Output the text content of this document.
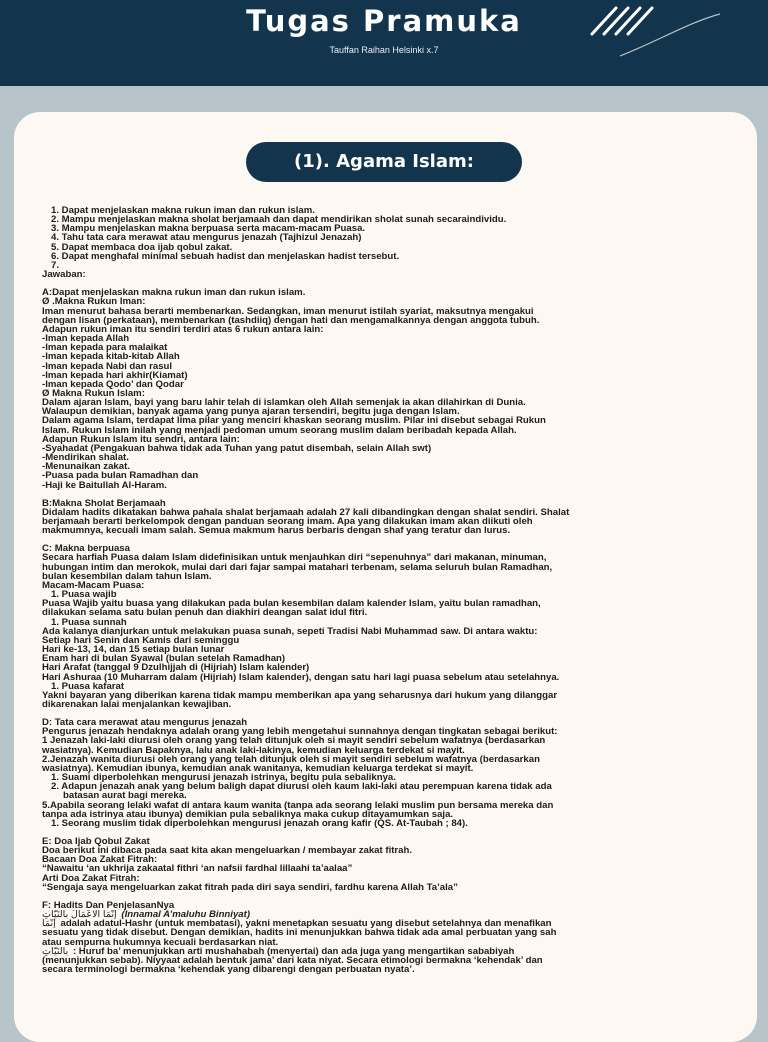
Tugas Pramuka
Tauffan Raihan Helsinki x.7
(1). Agama Islam:
1. Dapat menjelaskan makna rukun iman dan rukun islam.
2. Mampu menjelaskan makna sholat berjamaah dan dapat mendirikan sholat sunah secaraindividu.
3. Mampu menjelaskan makna berpuasa serta macam-macam Puasa.
4. Tahu tata cara merawat atau mengurus jenazah (Tajhizul Jenazah)
5. Dapat membaca doa ijab qobul zakat.
6. Dapat menghafal minimal sebuah hadist dan menjelaskan hadist tersebut.
7.
Jawaban:
A:Dapat menjelaskan makna rukun iman dan rukun islam.
Ø .Makna Rukun Iman:
Iman menurut bahasa berarti membenarkan. Sedangkan, iman menurut istilah syariat, maksutnya mengakui
dengan lisan (perkataan), membenarkan (tashdiiq) dengan hati dan mengamalkannya dengan anggota tubuh.
Adapun rukun iman itu sendiri terdiri atas 6 rukun antara lain:
-Iman kepada Allah
-Iman kepada para malaikat
-Iman kepada kitab-kitab Allah
-Iman kepada Nabi dan rasul
-Iman kepada hari akhir(Kiamat)
-Iman kepada Qodo’ dan Qodar
Ø Makna Rukun Islam:
Dalam ajaran Islam, bayi yang baru lahir telah di islamkan oleh Allah semenjak ia akan dilahirkan di Dunia.
Walaupun demikian, banyak agama yang punya ajaran tersendiri, begitu juga dengan Islam.
Dalam agama Islam, terdapat lima pilar yang mencirí khaskan seorang muslim. Pilar ini disebut sebagai Rukun
Islam. Rukun Islam inilah yang menjadi pedoman umum seorang muslim dalam beribadah kepada Allah.
Adapun Rukun Islam itu sendri, antara lain:
-Syahadat (Pengakuan bahwa tidak ada Tuhan yang patut disembah, selain Allah swt)
-Mendirikan shalat.
-Menunaikan zakat.
-Puasa pada bulan Ramadhan dan
-Haji ke Baitullah Al-Haram.
B:Makna Sholat Berjamaah
Didalam hadits dikatakan bahwa pahala shalat berjamaah adalah 27 kali dibandingkan dengan shalat sendiri. Shalat
berjamaah berarti berkelompok dengan panduan seorang imam. Apa yang dilakukan imam akan diikuti oleh
makmumnya, kecuali imam salah. Semua makmum harus berbaris dengan shaf yang teratur dan lurus.
C: Makna berpuasa
Secara harfiah Puasa dalam Islam didefinisikan untuk menjauhkan diri “sepenuhnya” dari makanan, minuman,
hubungan intim dan merokok, mulai dari dari fajar sampai matahari terbenam, selama seluruh bulan Ramadhan,
bulan kesembilan dalam tahun Islam.
Macam-Macam Puasa:
1. Puasa wajib
Puasa Wajib yaitu buasa yang dilakukan pada bulan kesembilan dalam kalender Islam, yaitu bulan ramadhan,
dilakukan selama satu bulan penuh dan diakhiri deangan salat idul fitri.
1. Puasa sunnah
Ada kalanya dianjurkan untuk melakukan puasa sunah, sepeti Tradisi Nabi Muhammad saw. Di antara waktu:
Setiap hari Senin dan Kamis dari seminggu
Hari ke-13, 14, dan 15 setiap bulan lunar
Enam hari di bulan Syawal (bulan setelah Ramadhan)
Hari Arafat (tanggal 9 Dzulhijjah di (Hijriah) Islam kalender)
Hari Ashuraa (10 Muharram dalam (Hijriah) Islam kalender), dengan satu hari lagi puasa sebelum atau setelahnya.
1. Puasa kafarat
Yakni bayaran yang diberikan karena tidak mampu memberikan apa yang seharusnya dari hukum yang dilanggar
dikarenakan lalai menjalankan kewajiban.
D: Tata cara merawat atau mengurus jenazah
Pengurus jenazah hendaknya adalah orang yang lebih mengetahui sunnahnya dengan tingkatan sebagai berikut:
1 Jenazah laki-laki diurusi oleh orang yang telah ditunjuk oleh si mayit sendiri sebelum wafatnya (berdasarkan
wasiatnya). Kemudian Bapaknya, lalu anak laki-lakinya, kemudian keluarga terdekat si mayit.
2.Jenazah wanita diurusi oleh orang yang telah ditunjuk oleh si mayit sendiri sebelum wafatnya (berdasarkan
wasiatnya). Kemudian ibunya, kemudian anak wanitanya, kemudian keluarga terdekat si mayit.
1. Suami diperbolehkan mengurusi jenazah istrinya, begitu pula sebaliknya.
2. Adapun jenazah anak yang belum baligh dapat diurusi oleh kaum laki-laki atau perempuan karena tidak ada
batasan aurat bagi mereka.
5.Apabila seorang lelaki wafat di antara kaum wanita (tanpa ada seorang lelaki muslim pun bersama mereka dan
tanpa ada istrinya atau ibunya) demikian pula sebaliknya maka cukup ditayamumkan saja.
1. Seorang muslim tidak diperbolehkan mengurusi jenazah orang kafir (QS. At-Taubah ; 84).
E: Doa Ijab Qobul Zakat
Doa berikut ini dibaca pada saat kita akan mengeluarkan / membayar zakat fitrah.
Bacaan Doa Zakat Fitrah:
“Nawaitu ‘an ukhrija zakaatal fithri ‘an nafsii fardhal lillaahi ta’aalaa”
Arti Doa Zakat Fitrah:
“Sengaja saya mengeluarkan zakat fitrah pada diri saya sendiri, fardhu karena Allah Ta’ala”
F: Hadits Dan PenjelasanNya
إنَّمَا الأعْمَالُ بِالنِّيَّاتِ (Innamal A’maluhu Binniyat)
إنَّمَا adalah adatul-Hashr (untuk membatasi), yakni menetapkan sesuatu yang disebut setelahnya dan menafikan
sesuatu yang tidak disebut. Dengan demikian, hadits ini menunjukkan bahwa tidak ada amal perbuatan yang sah
atau sempurna hukumnya kecuali berdasarkan niat.
بِالنِّيَّاتِ : Huruf ba’ menunjukkan arti mushahabah (menyertai) dan ada juga yang mengartikan sababiyah
(menunjukkan sebab). Niyyaat adalah bentuk jama’ dari kata niyat. Secara etimologi bermakna ‘kehendak’ dan
secara terminologi bermakna ‘kehendak yang dibarengi dengan perbuatan nyata’.
